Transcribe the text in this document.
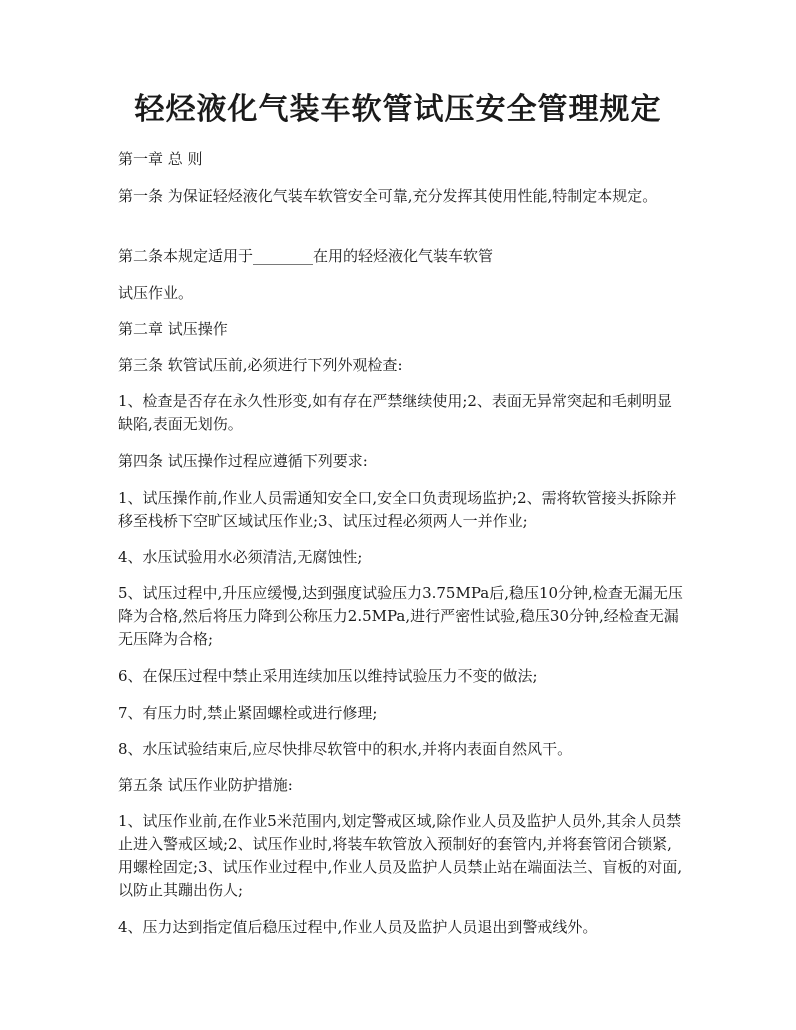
轻烃液化气装车软管试压安全管理规定
第一章 总 则
第一条 为保证轻烃液化气装车软管安全可靠,充分发挥其使用性能,特制定本规定。
第二条本规定适用于________在用的轻烃液化气装车软管
试压作业。
第二章 试压操作
第三条 软管试压前,必须进行下列外观检查:
1、检查是否存在永久性形变,如有存在严禁继续使用;2、表面无异常突起和毛刺明显缺陷,表面无划伤。
第四条 试压操作过程应遵循下列要求:
1、试压操作前,作业人员需通知安全口,安全口负责现场监护;2、需将软管接头拆除并移至栈桥下空旷区域试压作业;3、试压过程必须两人一并作业;
4、水压试验用水必须清洁,无腐蚀性;
5、试压过程中,升压应缓慢,达到强度试验压力3.75MPa后,稳压10分钟,检查无漏无压降为合格,然后将压力降到公称压力2.5MPa,进行严密性试验,稳压30分钟,经检查无漏无压降为合格;
6、在保压过程中禁止采用连续加压以维持试验压力不变的做法;
7、有压力时,禁止紧固螺栓或进行修理;
8、水压试验结束后,应尽快排尽软管中的积水,并将内表面自然风干。
第五条 试压作业防护措施:
1、试压作业前,在作业5米范围内,划定警戒区域,除作业人员及监护人员外,其余人员禁止进入警戒区域;2、试压作业时,将装车软管放入预制好的套管内,并将套管闭合锁紧,用螺栓固定;3、试压作业过程中,作业人员及监护人员禁止站在端面法兰、盲板的对面,以防止其蹦出伤人;
4、压力达到指定值后稳压过程中,作业人员及监护人员退出到警戒线外。
